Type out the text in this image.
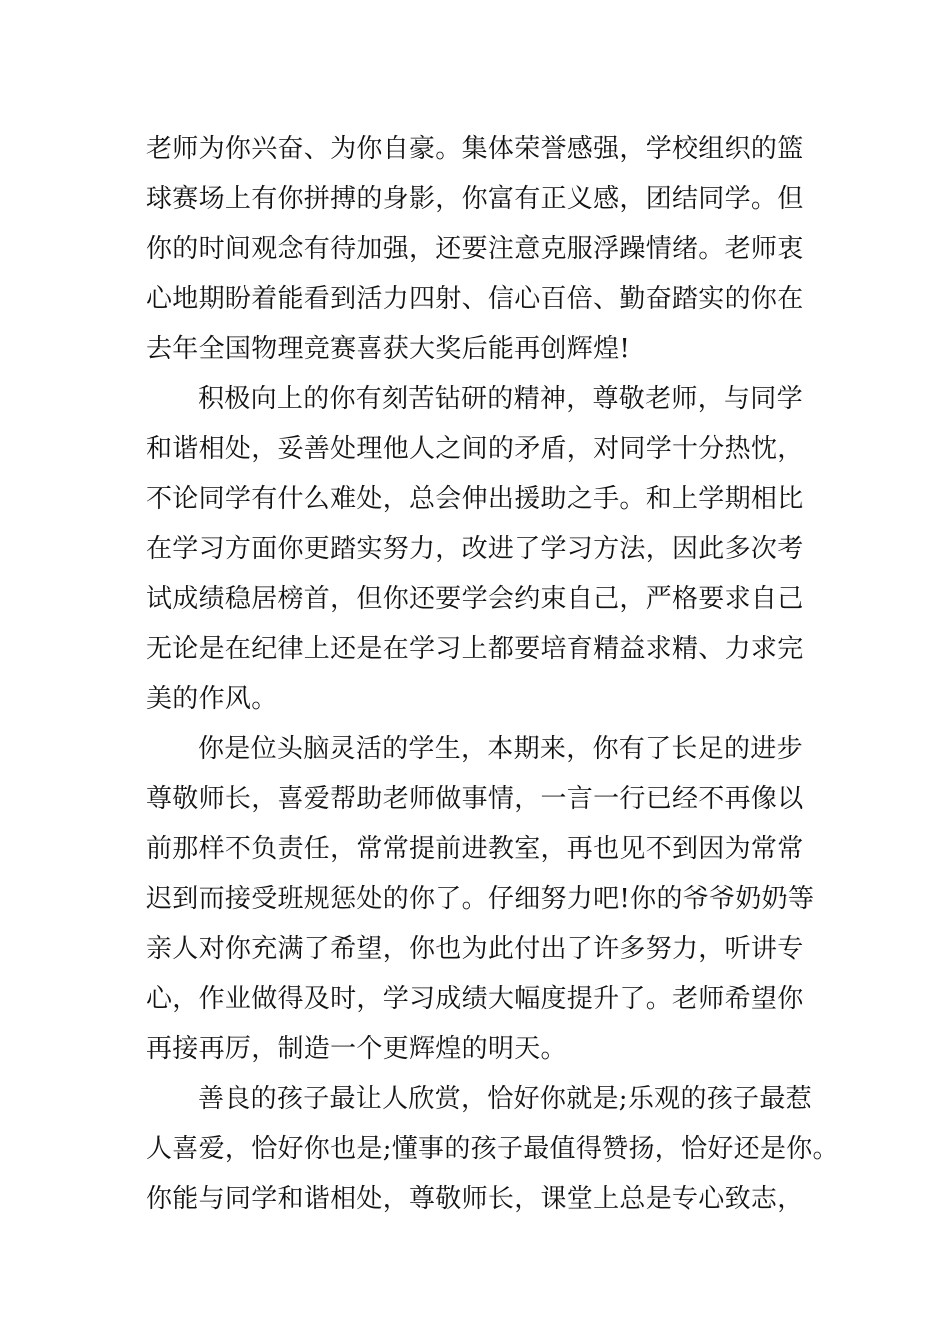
老师为你兴奋、为你自豪。集体荣誉感强，学校组织的篮
球赛场上有你拼搏的身影，你富有正义感，团结同学。但
你的时间观念有待加强，还要注意克服浮躁情绪。老师衷
心地期盼着能看到活力四射、信心百倍、勤奋踏实的你在
去年全国物理竞赛喜获大奖后能再创辉煌!
积极向上的你有刻苦钻研的精神，尊敬老师，与同学
和谐相处，妥善处理他人之间的矛盾，对同学十分热忱，
不论同学有什么难处，总会伸出援助之手。和上学期相比
在学习方面你更踏实努力，改进了学习方法，因此多次考
试成绩稳居榜首，但你还要学会约束自己，严格要求自己
无论是在纪律上还是在学习上都要培育精益求精、力求完
美的作风。
你是位头脑灵活的学生，本期来，你有了长足的进步
尊敬师长，喜爱帮助老师做事情，一言一行已经不再像以
前那样不负责任，常常提前进教室，再也见不到因为常常
迟到而接受班规惩处的你了。仔细努力吧!你的爷爷奶奶等
亲人对你充满了希望，你也为此付出了许多努力，听讲专
心，作业做得及时，学习成绩大幅度提升了。老师希望你
再接再厉，制造一个更辉煌的明天。
善良的孩子最让人欣赏，恰好你就是;乐观的孩子最惹
人喜爱，恰好你也是;懂事的孩子最值得赞扬，恰好还是你。
你能与同学和谐相处，尊敬师长，课堂上总是专心致志，
